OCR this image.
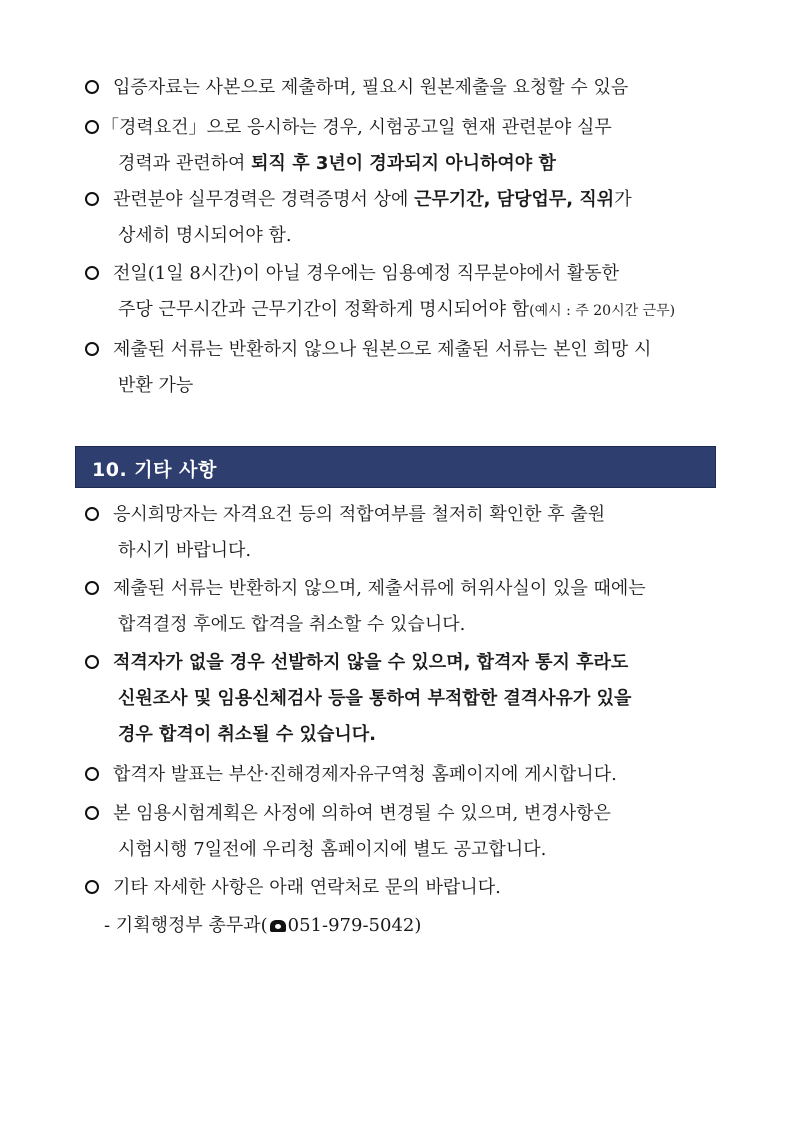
입증자료는 사본으로 제출하며, 필요시 원본제출을 요청할 수 있음
「경력요건」으로 응시하는 경우, 시험공고일 현재 관련분야 실무
경력과 관련하여 퇴직 후 3년이 경과되지 아니하여야 함
관련분야 실무경력은 경력증명서 상에 근무기간, 담당업무, 직위가
상세히 명시되어야 함.
전일(1일 8시간)이 아닐 경우에는 임용예정 직무분야에서 활동한
주당 근무시간과 근무기간이 정확하게 명시되어야 함(예시 : 주 20시간 근무)
제출된 서류는 반환하지 않으나 원본으로 제출된 서류는 본인 희망 시
반환 가능
10. 기타 사항
응시희망자는 자격요건 등의 적합여부를 철저히 확인한 후 출원
하시기 바랍니다.
제출된 서류는 반환하지 않으며, 제출서류에 허위사실이 있을 때에는
합격결정 후에도 합격을 취소할 수 있습니다.
적격자가 없을 경우 선발하지 않을 수 있으며, 합격자 통지 후라도
신원조사 및 임용신체검사 등을 통하여 부적합한 결격사유가 있을
경우 합격이 취소될 수 있습니다.
합격자 발표는 부산·진해경제자유구역청 홈페이지에 게시합니다.
본 임용시험계획은 사정에 의하여 변경될 수 있으며, 변경사항은
시험시행 7일전에 우리청 홈페이지에 별도 공고합니다.
기타 자세한 사항은 아래 연락처로 문의 바랍니다.
- 기획행정부 총무과( 051-979-5042)
